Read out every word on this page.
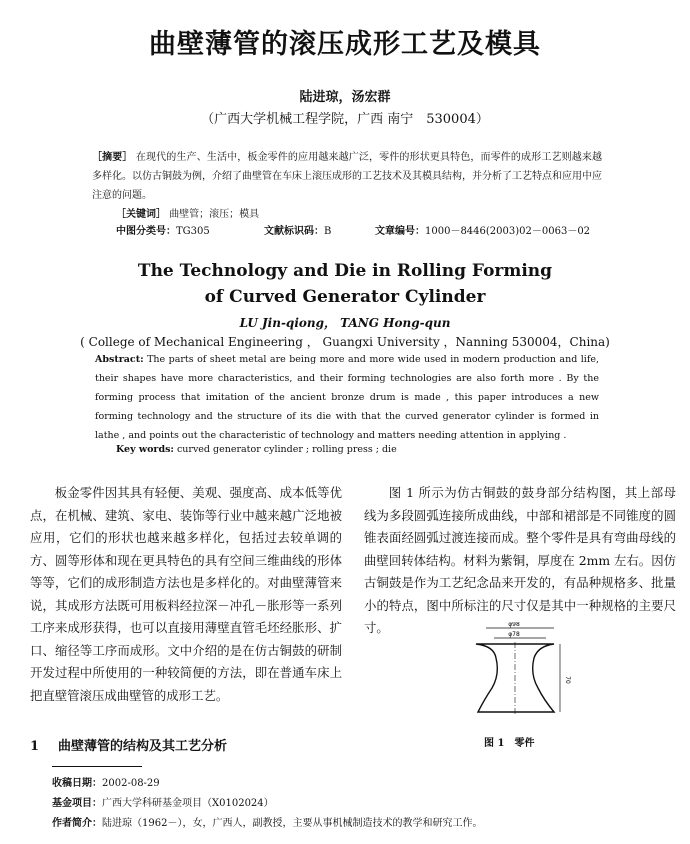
曲壁薄管的滚压成形工艺及模具
陆进琼，汤宏群
（广西大学机械工程学院，广西 南宁　530004）
［摘要］ 在现代的生产、生活中，板金零件的应用越来越广泛，零件的形状更具特色，而零件的成形工艺则越来越多样化。以仿古铜鼓为例，介绍了曲壁管在车床上滚压成形的工艺技术及其模具结构，并分析了工艺特点和应用中应注意的问题。
［关键词］ 曲壁管；滚压；模具
中图分类号：TG305	文献标识码：B	文章编号：1000－8446(2003)02－0063－02
The Technology and Die in Rolling Forming
of Curved Generator Cylinder
LU Jin-qiong， TANG Hong-qun
( College of Mechanical Engineering ， Guangxi University ，Nanning 530004，China)
Abstract: The parts of sheet metal are being more and more wide used in modern production and life, their shapes have more characteristics, and their forming technologies are also forth more . By the forming process that imitation of the ancient bronze drum is made , this paper introduces a new forming technology and the structure of its die with that the curved generator cylinder is formed in lathe , and points out the characteristic of technology and matters needing attention in applying .
Key words: curved generator cylinder ; rolling press ; die

板金零件因其具有轻便、美观、强度高、成本低等优点，在机械、建筑、家电、装饰等行业中越来越广泛地被应用，它们的形状也越来越多样化，包括过去较单调的方、圆等形体和现在更具特色的具有空间三维曲线的形体等等，它们的成形制造方法也是多样化的。对曲壁薄管来说，其成形方法既可用板料经拉深－冲孔－胀形等一系列工序来成形获得，也可以直接用薄壁直管毛坯经胀形、扩口、缩径等工序而成形。文中介绍的是在仿古铜鼓的研制开发过程中所使用的一种较简便的方法，即在普通车床上把直壁管滚压成曲壁管的成形工艺。

图 1 所示为仿古铜鼓的鼓身部分结构图，其上部母线为多段圆弧连接所成曲线，中部和裙部是不同锥度的圆锥表面经圆弧过渡连接而成。整个零件是具有弯曲母线的曲壁回转体结构。材料为紫铜，厚度在 2mm 左右。因仿古铜鼓是作为工艺纪念品来开发的，有品种规格多、批量小的特点，图中所标注的尺寸仅是其中一种规格的主要尺寸。	φ98
φ78
70
图 1　零件
1 曲壁薄管的结构及其工艺分析
收稿日期：2002-08-29
基金项目：广西大学科研基金项目（X0102024）
作者简介：陆进琼（1962－），女，广西人，副教授，主要从事机械制造技术的教学和研究工作。
